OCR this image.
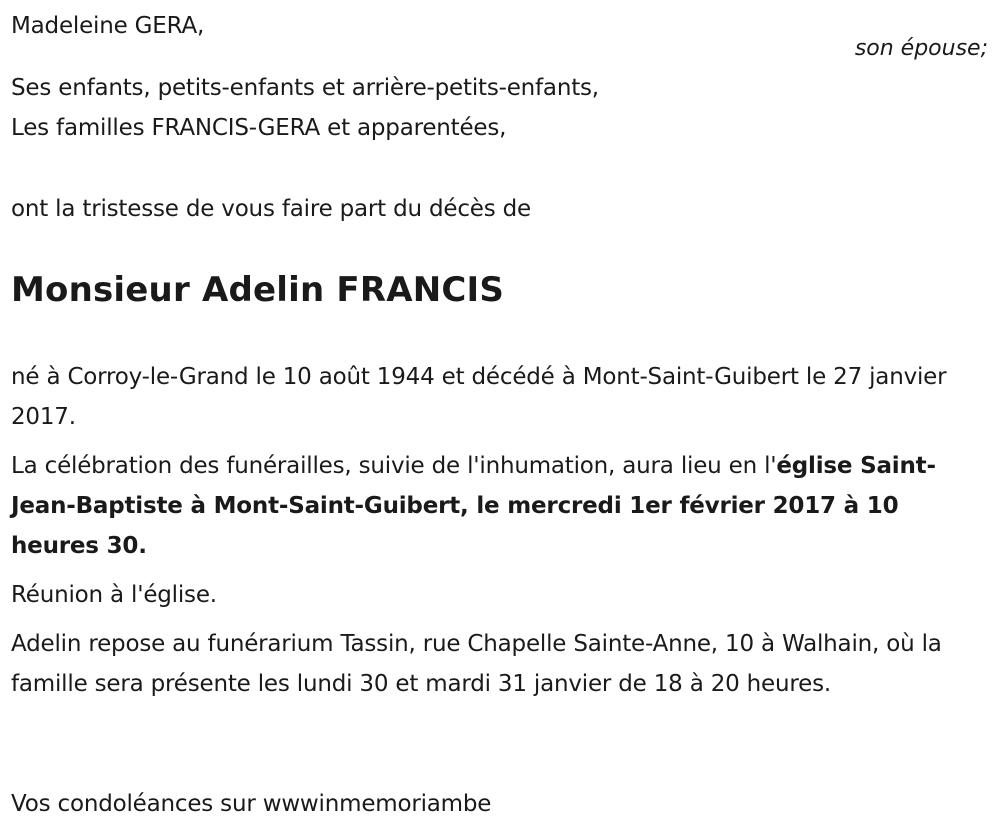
Madeleine GERA,
son épouse;
Ses enfants, petits-enfants et arrière-petits-enfants,
Les familles FRANCIS-GERA et apparentées,
ont la tristesse de vous faire part du décès de
Monsieur Adelin FRANCIS
né à Corroy-le-Grand le 10 août 1944 et décédé à Mont-Saint-Guibert le 27 janvier 2017.
La célébration des funérailles, suivie de l'inhumation, aura lieu en l'église Saint-Jean-Baptiste à Mont-Saint-Guibert, le mercredi 1er février 2017 à 10 heures 30.
Réunion à l'église.
Adelin repose au funérarium Tassin, rue Chapelle Sainte-Anne, 10 à Walhain, où la famille sera présente les lundi 30 et mardi 31 janvier de 18 à 20 heures.
Vos condoléances sur wwwinmemoriambe
